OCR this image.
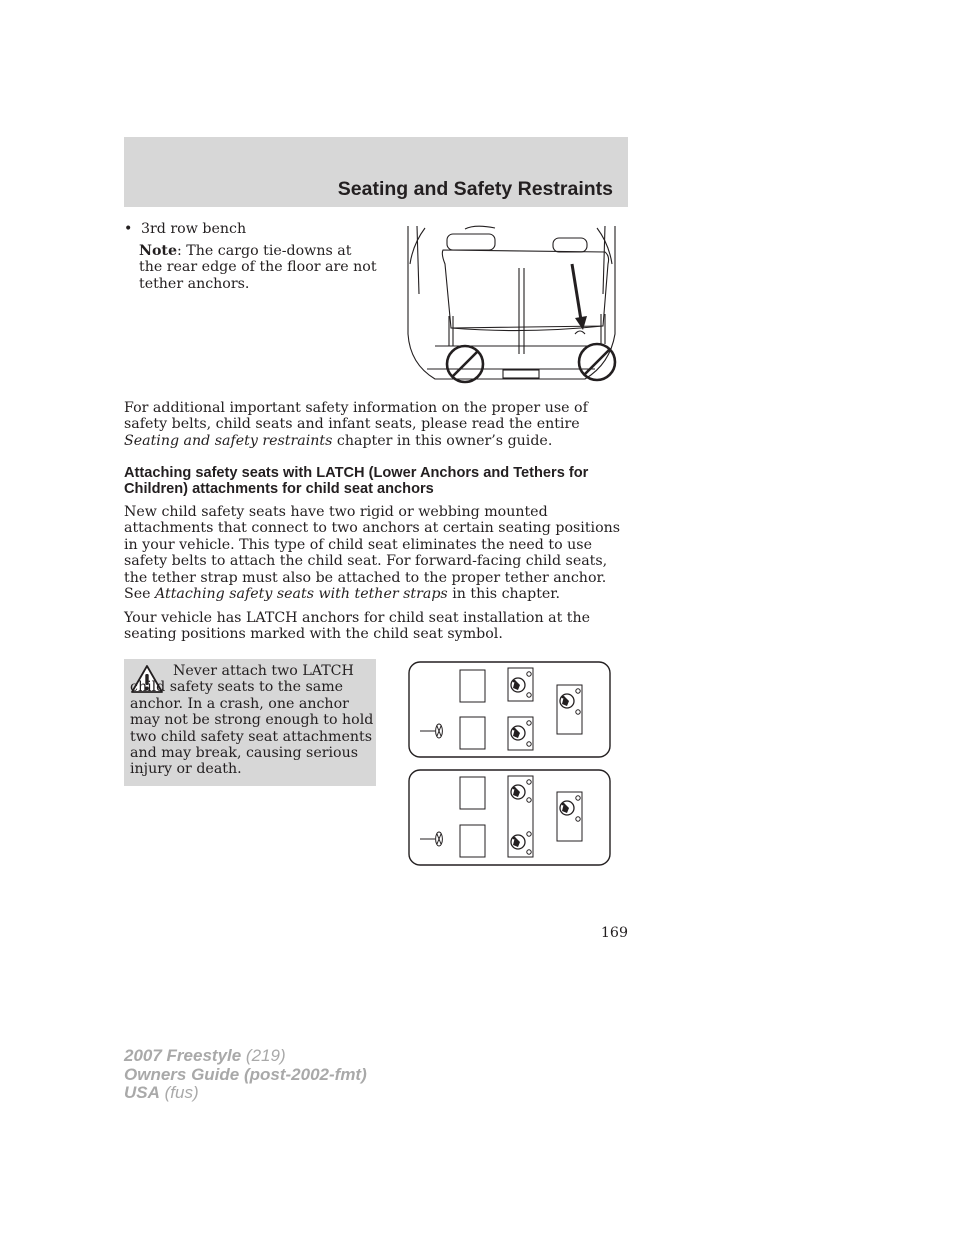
Seating and Safety Restraints
• 3rd row bench

Note: The cargo tie-downs at the rear edge of the floor are not tether anchors.

For additional important safety information on the proper use of safety belts, child seats and infant seats, please read the entire Seating and safety restraints chapter in this owner’s guide.

Attaching safety seats with LATCH (Lower Anchors and Tethers for Children) attachments for child seat anchors

New child safety seats have two rigid or webbing mounted attachments that connect to two anchors at certain seating positions in your vehicle. This type of child seat eliminates the need to use safety belts to attach the child seat. For forward-facing child seats, the tether strap must also be attached to the proper tether anchor. See Attaching safety seats with tether straps in this chapter.

Your vehicle has LATCH anchors for child seat installation at the seating positions marked with the child seat symbol.

Never attach two LATCH child safety seats to the same anchor. In a crash, one anchor may not be strong enough to hold two child safety seat attachments and may break, causing serious injury or death.

169
2007 Freestyle (219)
Owners Guide (post-2002-fmt)
USA (fus)
